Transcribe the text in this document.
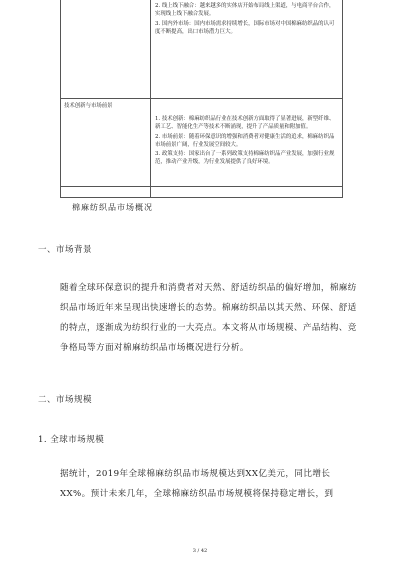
技术创新与市场前景

2. 线上线下融合：越来越多的实体店开始布局线上渠道，与电商平台合作，实现线上线下融合发展。

3. 国内外市场：国内市场需求持续增长，国际市场对中国棉麻纺织品的认可度不断提高，出口市场潜力巨大。

1. 技术创新：棉麻纺织品行业在技术创新方面取得了显著进展，新型纤维、新工艺、智能化生产等技术不断涌现，提升了产品质量和附加值。

2. 市场前景：随着环保意识的增强和消费者对健康生活的追求，棉麻纺织品市场前景广阔，行业发展空间较大。

3. 政策支持：国家出台了一系列政策支持棉麻纺织品产业发展，加强行业规范，推动产业升级，为行业发展提供了良好环境。

棉麻纺织品市场概况
一、市场背景
随着全球环保意识的提升和消费者对天然、舒适纺织品的偏好增加，棉麻纺织品市场近年来呈现出快速增长的态势。棉麻纺织品以其天然、环保、舒适的特点，逐渐成为纺织行业的一大亮点。本文将从市场规模、产品结构、竞争格局等方面对棉麻纺织品市场概况进行分析。
二、市场规模
1. 全球市场规模
据统计，2019年全球棉麻纺织品市场规模达到XX亿美元，同比增长XX%。预计未来几年，全球棉麻纺织品市场规模将保持稳定增长，到
3 / 42
